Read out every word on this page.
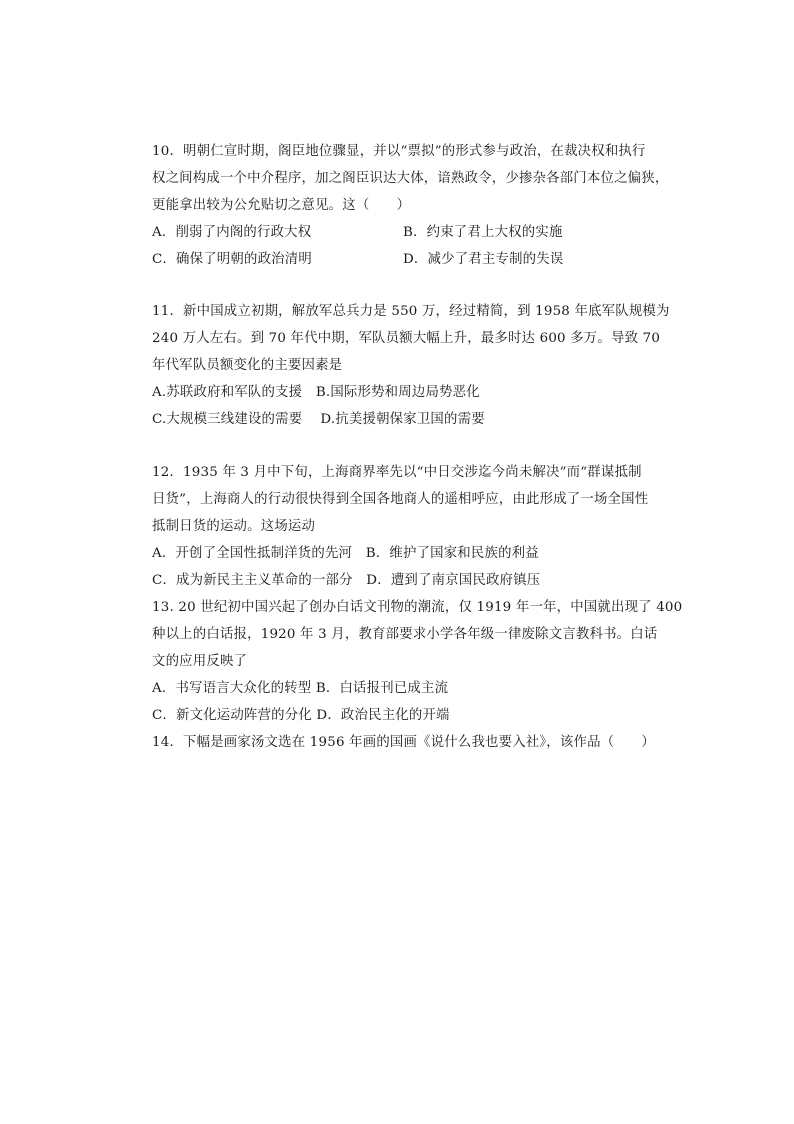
10．明朝仁宣时期，阁臣地位骤显，并以“票拟”的形式参与政治，在裁决权和执行
权之间构成一个中介程序，加之阁臣识达大体，谙熟政令，少掺杂各部门本位之偏狭，
更能拿出较为公允贴切之意见。这（　　）
A．削弱了内阁的行政大权	B．约束了君上大权的实施
C．确保了明朝的政治清明	D．减少了君主专制的失误
11．新中国成立初期，解放军总兵力是 550 万，经过精简，到 1958 年底军队规模为
240 万人左右。到 70 年代中期，军队员额大幅上升，最多时达 600 多万。导致 70
年代军队员额变化的主要因素是
A.苏联政府和军队的支援　B.国际形势和周边局势恶化
C.大规模三线建设的需要　 D.抗美援朝保家卫国的需要
12．1935 年 3 月中下旬，上海商界率先以“中日交涉迄今尚未解决”而“群谋抵制
日货”，上海商人的行动很快得到全国各地商人的遥相呼应，由此形成了一场全国性
抵制日货的运动。这场运动
A．开创了全国性抵制洋货的先河　B．维护了国家和民族的利益
C．成为新民主主义革命的一部分　D．遭到了南京国民政府镇压
13. 20 世纪初中国兴起了创办白话文刊物的潮流，仅 1919 年一年，中国就出现了 400
种以上的白话报，1920 年 3 月，教育部要求小学各年级一律废除文言教科书。白话
文的应用反映了
A．书写语言大众化的转型 B．白话报刊已成主流
C．新文化运动阵营的分化 D．政治民主化的开端
14．下幅是画家汤文选在 1956 年画的国画《说什么我也要入社》，该作品（　　）
